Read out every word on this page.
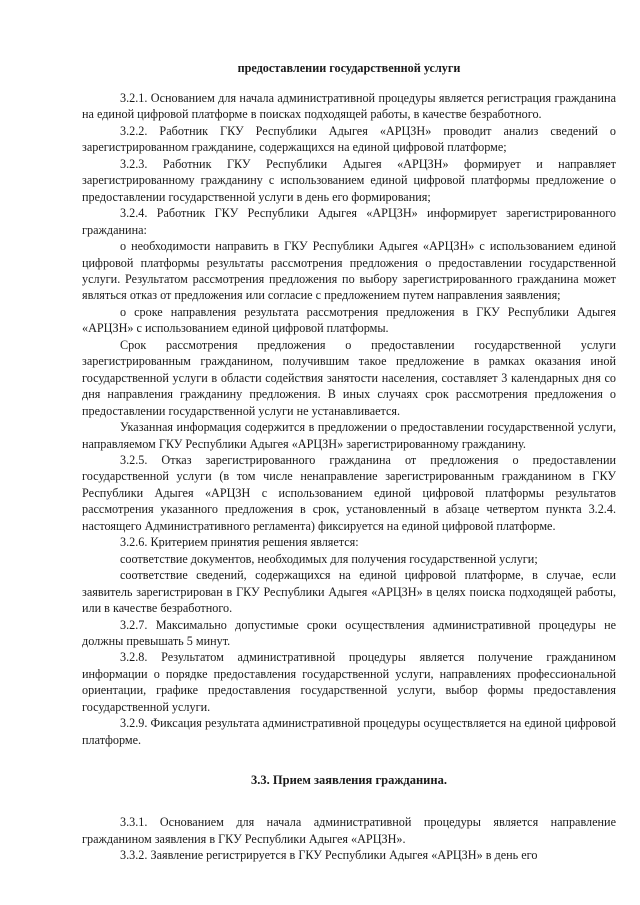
предоставлении государственной услуги

3.2.1. Основанием для начала административной процедуры является регистрация гражданина на единой цифровой платформе в поисках подходящей работы, в качестве безработного.

3.2.2. Работник ГКУ Республики Адыгея «АРЦЗН» проводит анализ сведений о зарегистрированном гражданине, содержащихся на единой цифровой платформе;

3.2.3. Работник ГКУ Республики Адыгея «АРЦЗН» формирует и направляет зарегистрированному гражданину с использованием единой цифровой платформы предложение о предоставлении государственной услуги в день его формирования;

3.2.4. Работник ГКУ Республики Адыгея «АРЦЗН» информирует зарегистрированного гражданина:

о необходимости направить в ГКУ Республики Адыгея «АРЦЗН» с использованием единой цифровой платформы результаты рассмотрения предложения о предоставлении государственной услуги. Результатом рассмотрения предложения по выбору зарегистрированного гражданина может являться отказ от предложения или согласие с предложением путем направления заявления;

о сроке направления результата рассмотрения предложения в ГКУ Республики Адыгея «АРЦЗН» с использованием единой цифровой платформы.

Срок рассмотрения предложения о предоставлении государственной услуги зарегистрированным гражданином, получившим такое предложение в рамках оказания иной государственной услуги в области содействия занятости населения, составляет 3 календарных дня со дня направления гражданину предложения. В иных случаях срок рассмотрения предложения о предоставлении государственной услуги не устанавливается.

Указанная информация содержится в предложении о предоставлении государственной услуги, направляемом ГКУ Республики Адыгея «АРЦЗН» зарегистрированному гражданину.

3.2.5. Отказ зарегистрированного гражданина от предложения о предоставлении государственной услуги (в том числе ненаправление зарегистрированным гражданином в ГКУ Республики Адыгея «АРЦЗН с использованием единой цифровой платформы результатов рассмотрения указанного предложения в срок, установленный в абзаце четвертом пункта 3.2.4. настоящего Административного регламента) фиксируется на единой цифровой платформе.

3.2.6. Критерием принятия решения является:

соответствие документов, необходимых для получения государственной услуги;

соответствие сведений, содержащихся на единой цифровой платформе, в случае, если заявитель зарегистрирован в ГКУ Республики Адыгея «АРЦЗН» в целях поиска подходящей работы, или в качестве безработного.

3.2.7. Максимально допустимые сроки осуществления административной процедуры не должны превышать 5 минут.

3.2.8. Результатом административной процедуры является получение гражданином информации о порядке предоставления государственной услуги, направлениях профессиональной ориентации, графике предоставления государственной услуги, выбор формы предоставления государственной услуги.

3.2.9. Фиксация результата административной процедуры осуществляется на единой цифровой платформе.

3.3. Прием заявления гражданина.

3.3.1. Основанием для начала административной процедуры является направление гражданином заявления в ГКУ Республики Адыгея «АРЦЗН».

3.3.2. Заявление регистрируется в ГКУ Республики Адыгея «АРЦЗН» в день его
